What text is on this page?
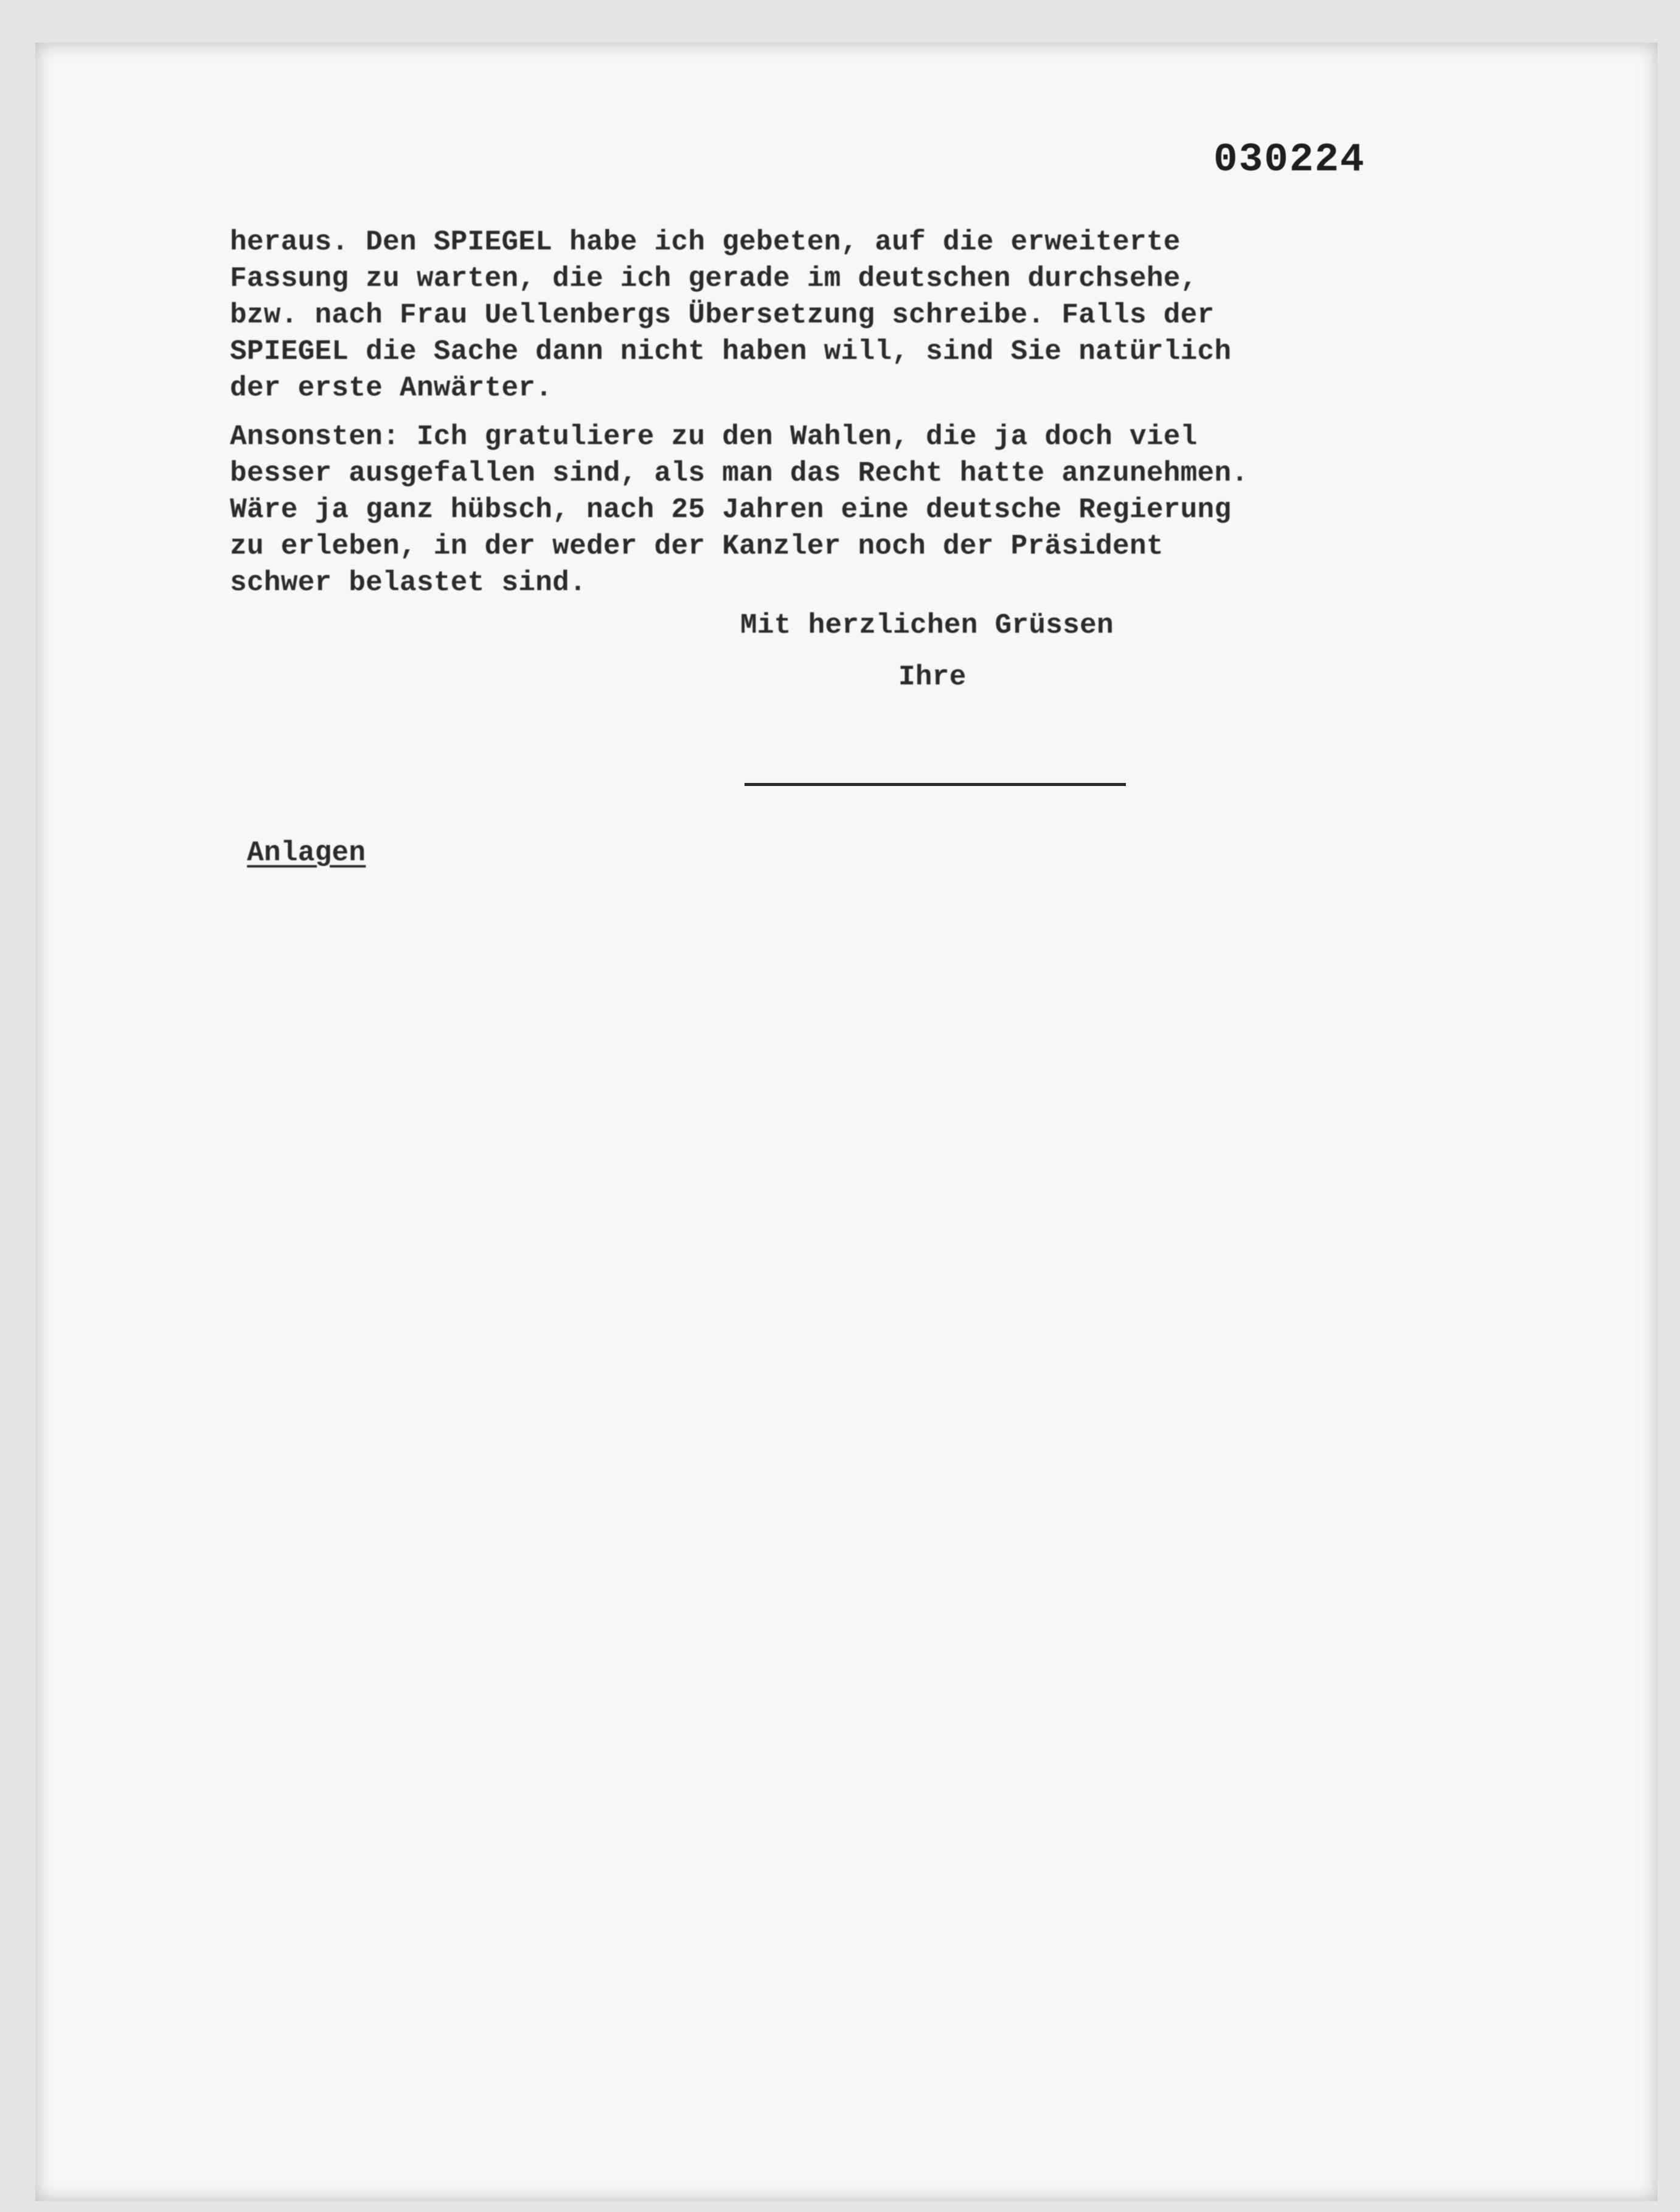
030224
heraus. Den SPIEGEL habe ich gebeten, auf die erweiterte
Fassung zu warten, die ich gerade im deutschen durchsehe,
bzw. nach Frau Uellenbergs Übersetzung schreibe. Falls der
SPIEGEL die Sache dann nicht haben will, sind Sie natürlich
der erste Anwärter.
Ansonsten: Ich gratuliere zu den Wahlen, die ja doch viel
besser ausgefallen sind, als man das Recht hatte anzunehmen.
Wäre ja ganz hübsch, nach 25 Jahren eine deutsche Regierung
zu erleben, in der weder der Kanzler noch der Präsident
schwer belastet sind.
Mit herzlichen Grüssen
Ihre
Anlagen
